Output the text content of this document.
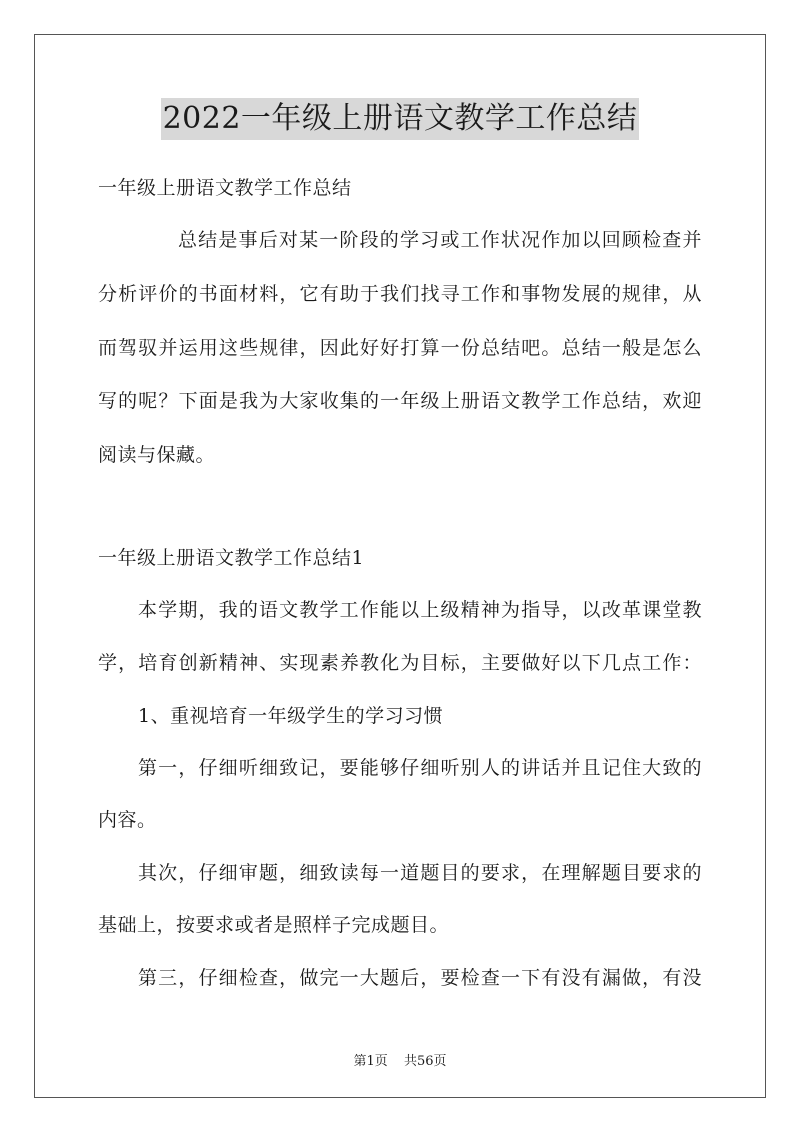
2022一年级上册语文教学工作总结
一年级上册语文教学工作总结
总结是事后对某一阶段的学习或工作状况作加以回顾检查并
分析评价的书面材料，它有助于我们找寻工作和事物发展的规律，从
而驾驭并运用这些规律，因此好好打算一份总结吧。总结一般是怎么
写的呢？下面是我为大家收集的一年级上册语文教学工作总结，欢迎
阅读与保藏。
一年级上册语文教学工作总结1
本学期，我的语文教学工作能以上级精神为指导，以改革课堂教
学，培育创新精神、实现素养教化为目标，主要做好以下几点工作：
1、重视培育一年级学生的学习习惯
第一，仔细听细致记，要能够仔细听别人的讲话并且记住大致的
内容。
其次，仔细审题，细致读每一道题目的要求，在理解题目要求的
基础上，按要求或者是照样子完成题目。
第三，仔细检查，做完一大题后，要检查一下有没有漏做，有没
第1页 共56页
